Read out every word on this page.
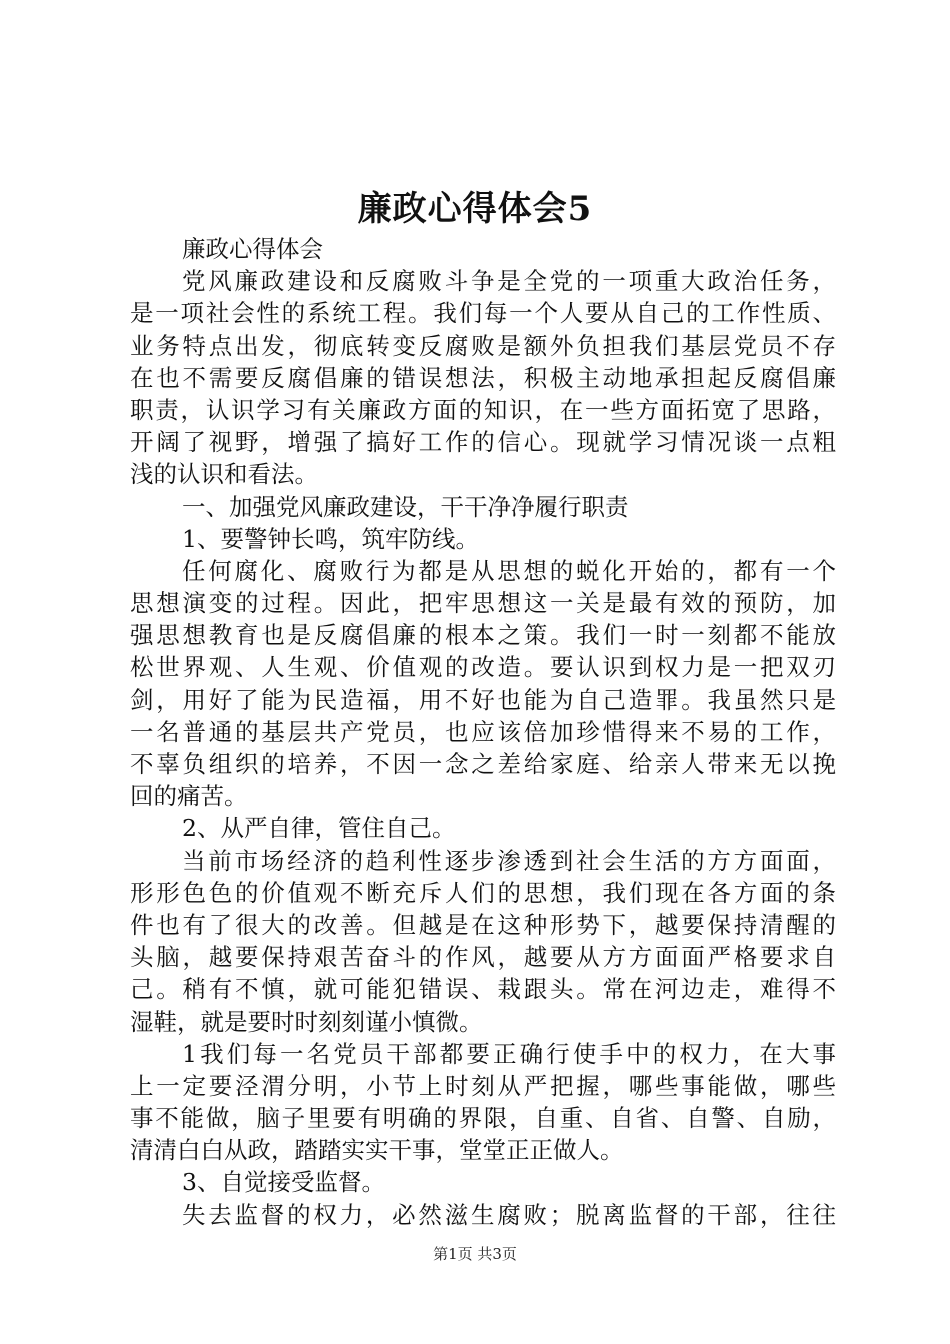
廉政心得体会5
廉政心得体会
党风廉政建设和反腐败斗争是全党的一项重大政治任务，
是一项社会性的系统工程。我们每一个人要从自己的工作性质、
业务特点出发，彻底转变反腐败是额外负担我们基层党员不存
在也不需要反腐倡廉的错误想法，积极主动地承担起反腐倡廉
职责，认识学习有关廉政方面的知识，在一些方面拓宽了思路，
开阔了视野，增强了搞好工作的信心。现就学习情况谈一点粗
浅的认识和看法。
一、加强党风廉政建设，干干净净履行职责
1、要警钟长鸣，筑牢防线。
任何腐化、腐败行为都是从思想的蜕化开始的，都有一个
思想演变的过程。因此，把牢思想这一关是最有效的预防，加
强思想教育也是反腐倡廉的根本之策。我们一时一刻都不能放
松世界观、人生观、价值观的改造。要认识到权力是一把双刃
剑，用好了能为民造福，用不好也能为自己造罪。我虽然只是
一名普通的基层共产党员，也应该倍加珍惜得来不易的工作，
不辜负组织的培养，不因一念之差给家庭、给亲人带来无以挽
回的痛苦。
2、从严自律，管住自己。
当前市场经济的趋利性逐步渗透到社会生活的方方面面，
形形色色的价值观不断充斥人们的思想，我们现在各方面的条
件也有了很大的改善。但越是在这种形势下，越要保持清醒的
头脑，越要保持艰苦奋斗的作风，越要从方方面面严格要求自
己。稍有不慎，就可能犯错误、栽跟头。常在河边走，难得不
湿鞋，就是要时时刻刻谨小慎微。
1我们每一名党员干部都要正确行使手中的权力，在大事
上一定要泾渭分明，小节上时刻从严把握，哪些事能做，哪些
事不能做，脑子里要有明确的界限，自重、自省、自警、自励，
清清白白从政，踏踏实实干事，堂堂正正做人。
3、自觉接受监督。
失去监督的权力，必然滋生腐败；脱离监督的干部，往往
第1页 共3页
